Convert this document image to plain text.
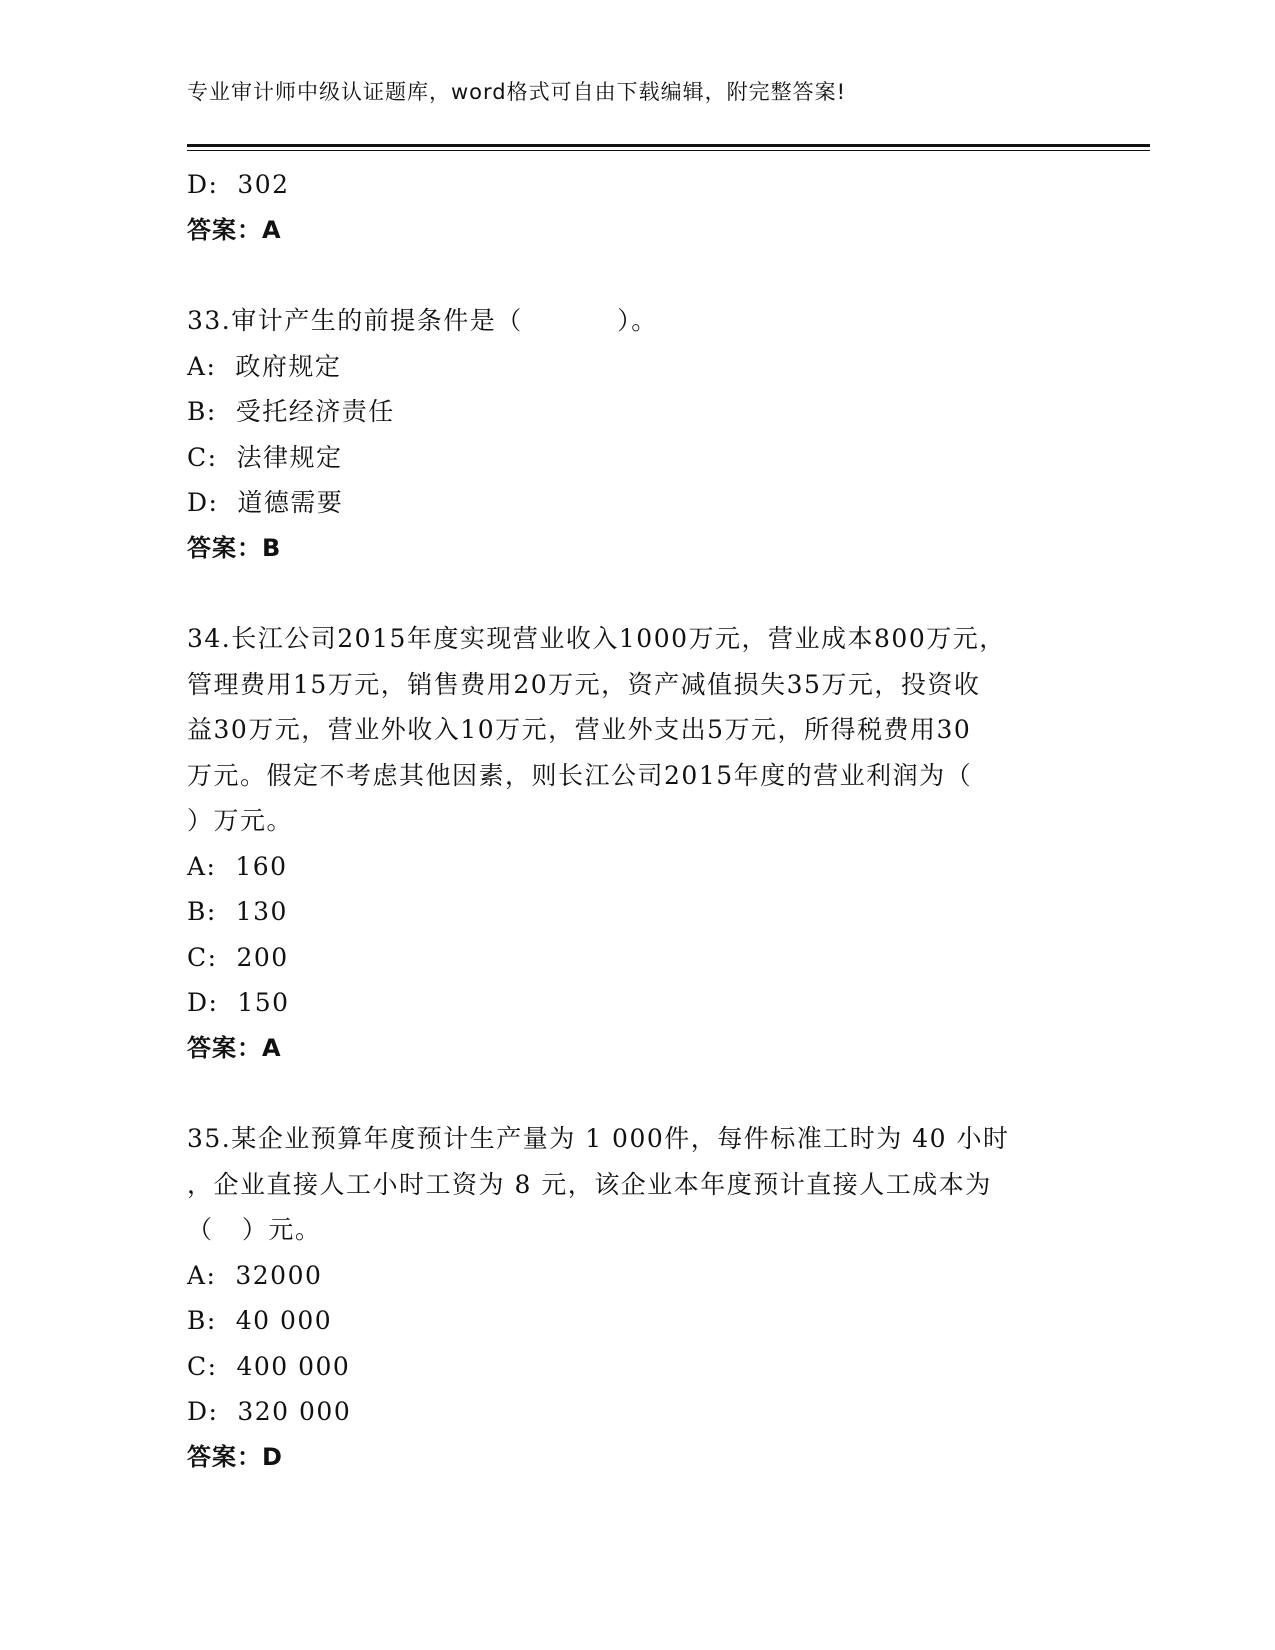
专业审计师中级认证题库，word格式可自由下载编辑，附完整答案!
D:  302
答案：A
33.审计产生的前提条件是（          ）。
A:  政府规定
B:  受托经济责任
C:  法律规定
D:  道德需要
答案：B
34.长江公司2015年度实现营业收入1000万元，营业成本800万元，
管理费用15万元，销售费用20万元，资产减值损失35万元，投资收
益30万元，营业外收入10万元，营业外支出5万元，所得税费用30
万元。假定不考虑其他因素，则长江公司2015年度的营业利润为（
）万元。
A:  160
B:  130
C:  200
D:  150
答案：A
35.某企业预算年度预计生产量为 1 000件，每件标准工时为 40 小时
，企业直接人工小时工资为 8 元，该企业本年度预计直接人工成本为
（   ）元。
A:  32000
B:  40 000
C:  400 000
D:  320 000
答案：D
